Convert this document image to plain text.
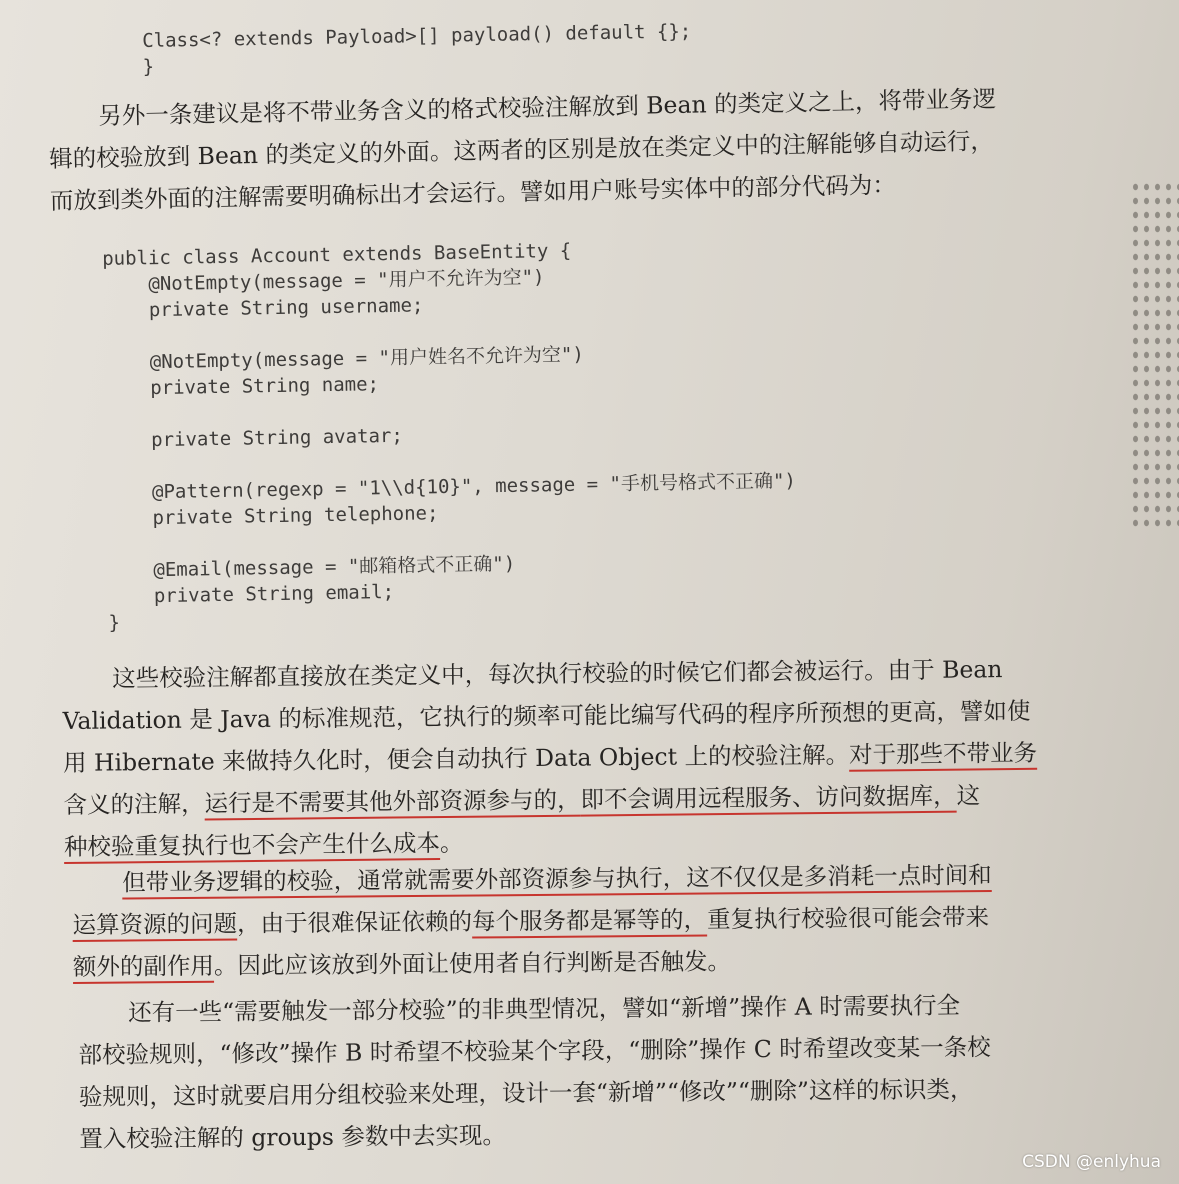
Class<? extends Payload>[] payload() default {};
}
另外一条建议是将不带业务含义的格式校验注解放到 Bean 的类定义之上，将带业务逻
辑的校验放到 Bean 的类定义的外面。这两者的区别是放在类定义中的注解能够自动运行，
而放到类外面的注解需要明确标出才会运行。譬如用户账号实体中的部分代码为：
public class Account extends BaseEntity {
@NotEmpty(message = "用户不允许为空")
private String username;
@NotEmpty(message = "用户姓名不允许为空")
private String name;
private String avatar;
@Pattern(regexp = "1\\d{10}", message = "手机号格式不正确")
private String telephone;
@Email(message = "邮箱格式不正确")
private String email;
}
这些校验注解都直接放在类定义中，每次执行校验的时候它们都会被运行。由于 Bean
Validation 是 Java 的标准规范，它执行的频率可能比编写代码的程序所预想的更高，譬如使
用 Hibernate 来做持久化时，便会自动执行 Data Object 上的校验注解。对于那些不带业务
含义的注解，运行是不需要其他外部资源参与的，即不会调用远程服务、访问数据库，这
种校验重复执行也不会产生什么成本。
但带业务逻辑的校验，通常就需要外部资源参与执行，这不仅仅是多消耗一点时间和
运算资源的问题，由于很难保证依赖的每个服务都是幂等的，重复执行校验很可能会带来
额外的副作用。因此应该放到外面让使用者自行判断是否触发。
还有一些“需要触发一部分校验”的非典型情况，譬如“新增”操作 A 时需要执行全
部校验规则，“修改”操作 B 时希望不校验某个字段，“删除”操作 C 时希望改变某一条校
验规则，这时就要启用分组校验来处理，设计一套“新增”“修改”“删除”这样的标识类，
置入校验注解的 groups 参数中去实现。
CSDN @enlyhua
